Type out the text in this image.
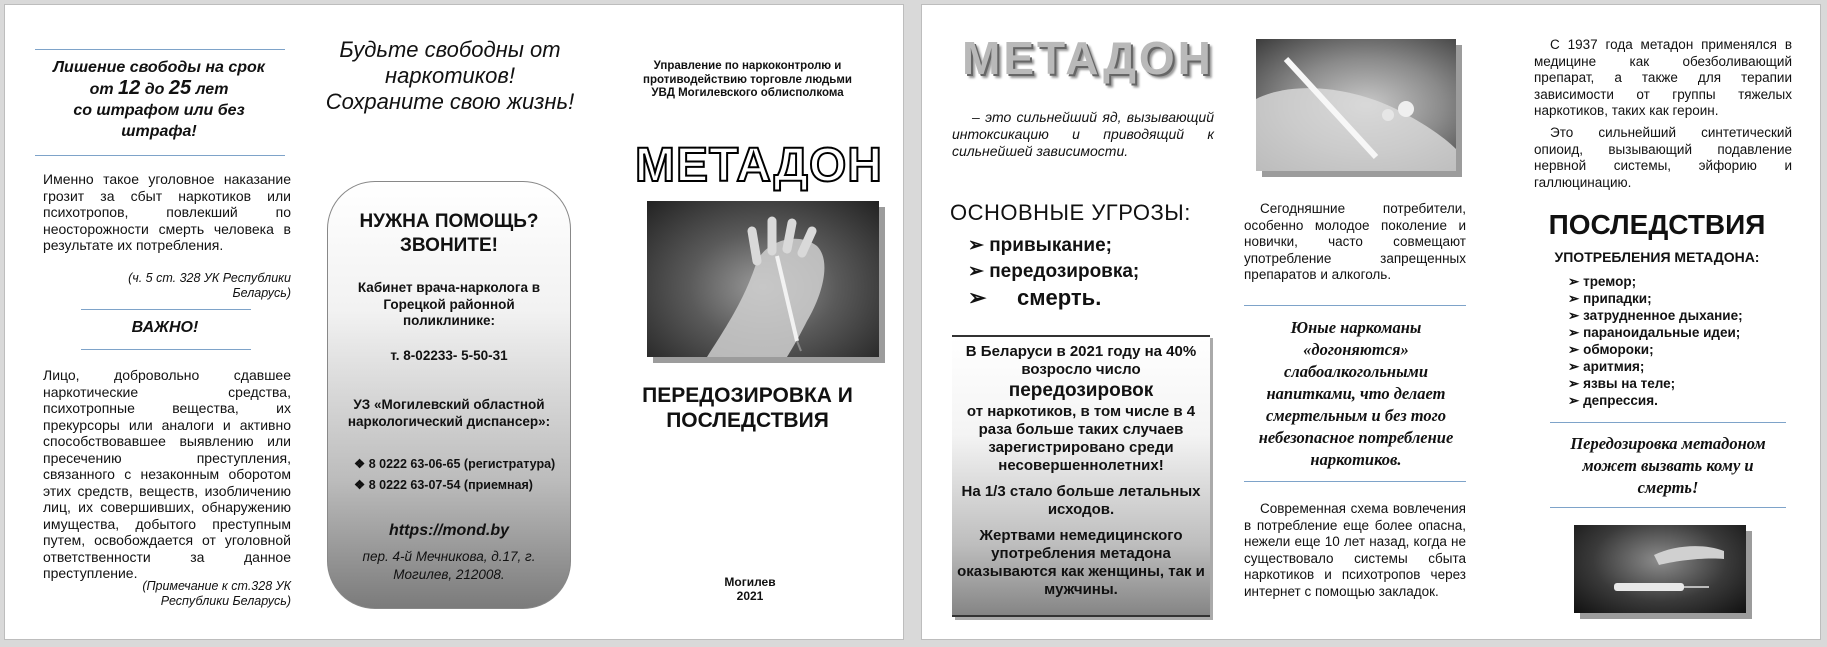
Лишение свободы на срок
от 12 до 25 лет
со штрафом или без штрафа!
Именно такое уголовное наказание грозит за сбыт наркотиков или психотропов, повлекший по неосторожности смерть человека в результате их потребления.
(ч. 5 ст. 328 УК Республики Беларусь)
ВАЖНО!
Лицо, добровольно сдавшее наркотические средства, психотропные вещества, их прекурсоры или аналоги и активно способствовавшее выявлению или пресечению преступления, связанного с незаконным оборотом этих средств, веществ, изобличению лиц, их совершивших, обнаружению имущества, добытого преступным путем, освобождается от уголовной ответственности за данное преступление.
(Примечание к ст.328 УК Республики Беларусь)
Будьте свободны от наркотиков! Сохраните свою жизнь!
НУЖНА ПОМОЩЬ? ЗВОНИТЕ!
Кабинет врача-нарколога в Горецкой районной поликлинике:
т. 8-02233- 5-50-31
УЗ «Могилевский областной наркологический диспансер»:
❖ 8 0222 63-06-65 (регистратура)
❖ 8 0222 63-07-54 (приемная)
https://mond.by
пер. 4-й Мечникова, д.17, г. Могилев, 212008.
Управление по наркоконтролю и противодействию торговле людьми УВД Могилевского облисполкома
МЕТАДОН
ПЕРЕДОЗИРОВКА И ПОСЛЕДСТВИЯ
Могилев
2021
МЕТАДОН
– это сильнейший яд, вызывающий интоксикацию и приводящий к сильнейшей зависимости.
ОСНОВНЫЕ УГРОЗЫ:
➢ привыкание;
➢ передозировка;
➢ смерть.
В Беларуси в 2021 году на 40% возросло число
передозировок
от наркотиков, в том числе в 4 раза больше таких случаев зарегистрировано среди несовершеннолетних!
На 1/3 стало больше летальных исходов.
Жертвами немедицинского употребления метадона оказываются как женщины, так и мужчины.
Сегодняшние потребители, особенно молодое поколение и новички, часто совмещают употребление запрещенных препаратов и алкоголь.
Юные наркоманы «догоняются» слабоалкогольными напитками, что делает смертельным и без того небезопасное потребление наркотиков.
Современная схема вовлечения в потребление еще более опасна, нежели еще 10 лет назад, когда не существовало системы сбыта наркотиков и психотропов через интернет с помощью закладок.
С 1937 года метадон применялся в медицине как обезболивающий препарат, а также для терапии зависимости от группы тяжелых наркотиков, таких как героин.
Это сильнейший синтетический опиоид, вызывающий подавление нервной системы, эйфорию и галлюцинацию.
ПОСЛЕДСТВИЯ
УПОТРЕБЛЕНИЯ МЕТАДОНА:
➢ тремор;
➢ припадки;
➢ затрудненное дыхание;
➢ параноидальные идеи;
➢ обмороки;
➢ аритмия;
➢ язвы на теле;
➢ депрессия.
Передозировка метадоном может вызвать кому и смерть!
